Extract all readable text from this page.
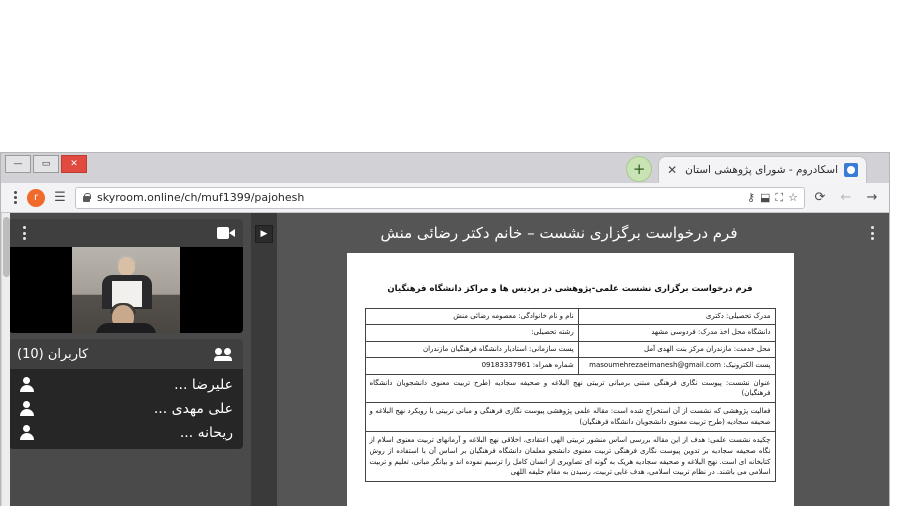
اسکادروم - شورای پژوهشی استان
✕
+
—	▭	✕
→
←
⟳
skyroom.online/ch/muf1399/pajohesh	⚷ ⬓ ⛶ ☆
☰
r
فرم درخواست برگزاری نشست – خانم دکتر رضائی منش
فرم درخواست برگزاری نشست علمی-پژوهشی در پردیس ها و مراکز دانشگاه فرهنگیان
مدرک تحصیلی: دکتری	نام و نام خانوادگی: معصومه رضائی منش
دانشگاه محل اخذ مدرک: فردوسی مشهد	رشته تحصیلی:
محل خدمت: مازندران مرکز بنت الهدی آمل	پست سازمانی: استادیار دانشگاه فرهنگیان مازندران
پست الکترونیک: masoumehrezaeimanesh@gmail.com	شماره همراه: 09183337961
عنوان نشست: پیوست نگاری فرهنگی مبتنی برمبانی تربیتی نهج البلاغه و صحیفه سجادیه (طرح تربیت معنوی دانشجویان دانشگاه فرهنگیان)
فعالیت پژوهشی که نشست از آن استخراج شده است: مقاله علمی پژوهشی پیوست نگاری فرهنگی و مبانی تربیتی با رویکرد نهج البلاغه و صحیفه سجادیه (طرح تربیت معنوی دانشجویان دانشگاه فرهنگیان)
چکیده نشست علمی: هدف از این مقاله بررسی اساس منشور تربیتی الهی اعتقادی، اخلاقی نهج البلاغه و آرمانهای تربیت معنوی اسلام از نگاه صحیفه سجادیه بر تدوین پیوست نگاری فرهنگی تربیت معنوی دانشجو معلمان دانشگاه فرهنگیان بر اساس آن با استفاده از روش کتابخانه ای است. نهج البلاغه و صحیفه سجادیه هریک به گونه ای تصاویری از انسان کامل را ترسیم نموده اند و بیانگر مبانی، تعلیم و تربیت اسلامی می باشند. در نظام تربیت اسلامی، هدف غایی تربیت، رسیدن به مقام خلیفه اللهی
▶
کاربران (10)
علیرضا ...
علی مهدی ...
ریحانه ...
